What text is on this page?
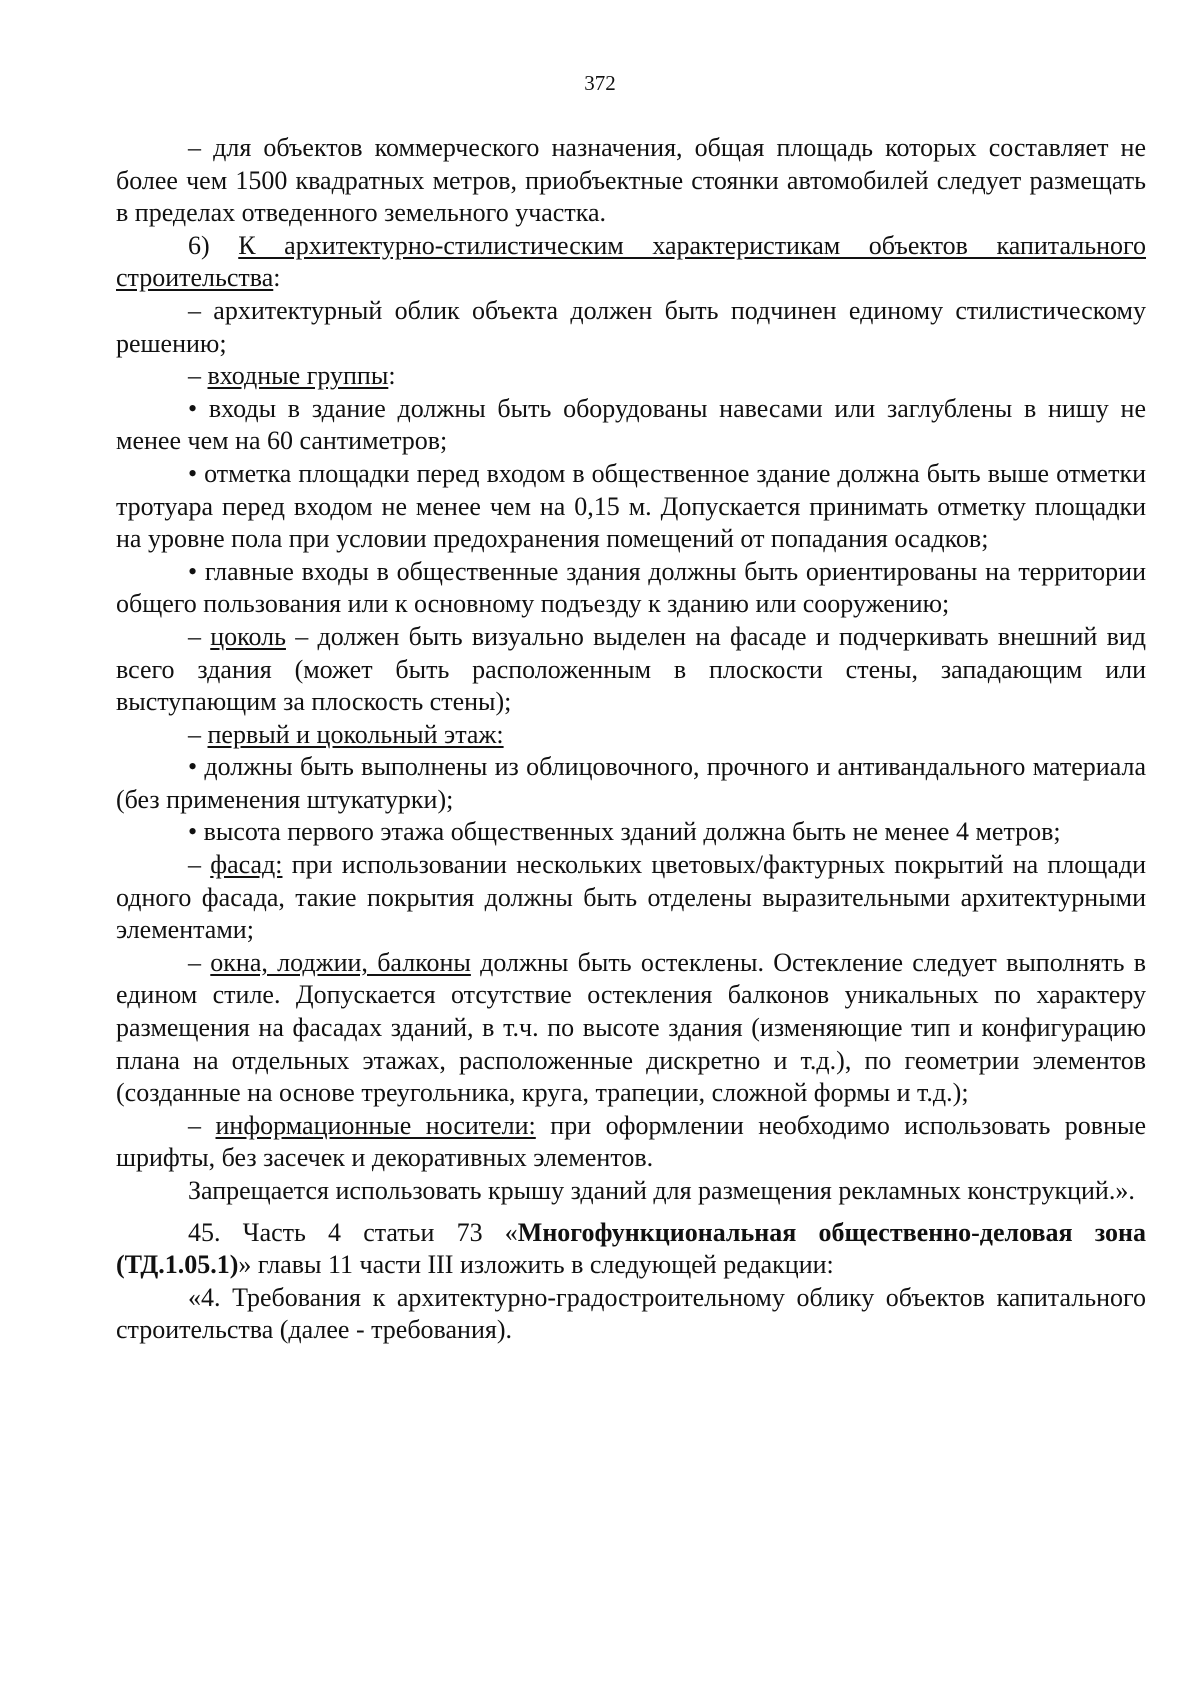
372

– для объектов коммерческого назначения, общая площадь которых составляет не более чем 1500 квадратных метров, приобъектные стоянки автомобилей следует размещать в пределах отведенного земельного участка.

6) К архитектурно-стилистическим характеристикам объектов капитального строительства:

– архитектурный облик объекта должен быть подчинен единому стилистическому решению;

– входные группы:

• входы в здание должны быть оборудованы навесами или заглублены в нишу не менее чем на 60 сантиметров;

• отметка площадки перед входом в общественное здание должна быть выше отметки тротуара перед входом не менее чем на 0,15 м. Допускается принимать отметку площадки на уровне пола при условии предохранения помещений от попадания осадков;

• главные входы в общественные здания должны быть ориентированы на территории общего пользования или к основному подъезду к зданию или сооружению;

– цоколь – должен быть визуально выделен на фасаде и подчеркивать внешний вид всего здания (может быть расположенным в плоскости стены, западающим или выступающим за плоскость стены);

– первый и цокольный этаж:

• должны быть выполнены из облицовочного, прочного и антивандального материала (без применения штукатурки);

• высота первого этажа общественных зданий должна быть не менее 4 метров;

– фасад: при использовании нескольких цветовых/фактурных покрытий на площади одного фасада, такие покрытия должны быть отделены выразительными архитектурными элементами;

– окна, лоджии, балконы должны быть остеклены. Остекление следует выполнять в едином стиле. Допускается отсутствие остекления балконов уникальных по характеру размещения на фасадах зданий, в т.ч. по высоте здания (изменяющие тип и конфигурацию плана на отдельных этажах, расположенные дискретно и т.д.), по геометрии элементов (созданные на основе треугольника, круга, трапеции, сложной формы и т.д.);

– информационные носители: при оформлении необходимо использовать ровные шрифты, без засечек и декоративных элементов.

Запрещается использовать крышу зданий для размещения рекламных конструкций.».

45. Часть 4 статьи 73 «Многофункциональная общественно-деловая зона (ТД.1.05.1)» главы 11 части III изложить в следующей редакции:

«4. Требования к архитектурно-градостроительному облику объектов капитального строительства (далее - требования).
